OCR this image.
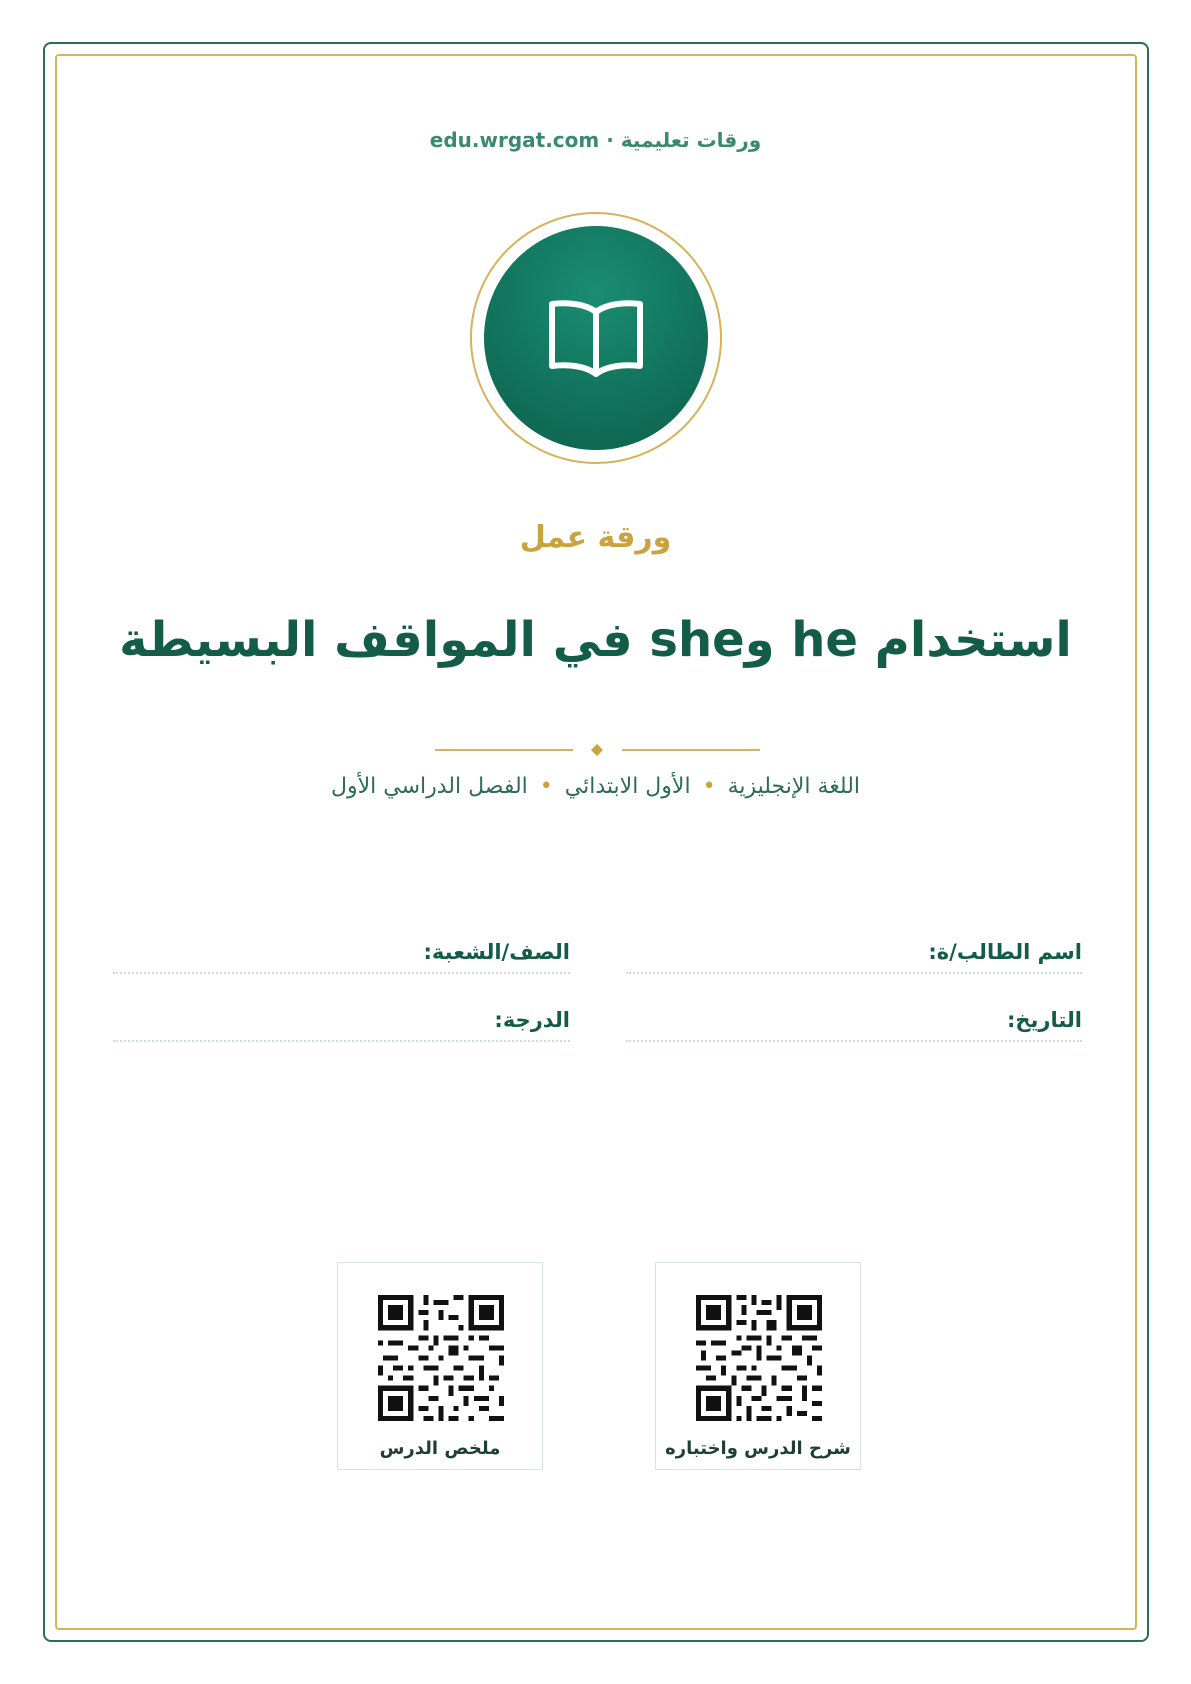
ورقات تعليمية · edu.wrgat.com
ورقة عمل
استخدام he وshe في المواقف البسيطة
اللغة الإنجليزية•الأول الابتدائي•الفصل الدراسي الأول
اسم الطالب/ة:
الصف/الشعبة:
التاريخ:
الدرجة:
شرح الدرس واختباره
ملخص الدرس
